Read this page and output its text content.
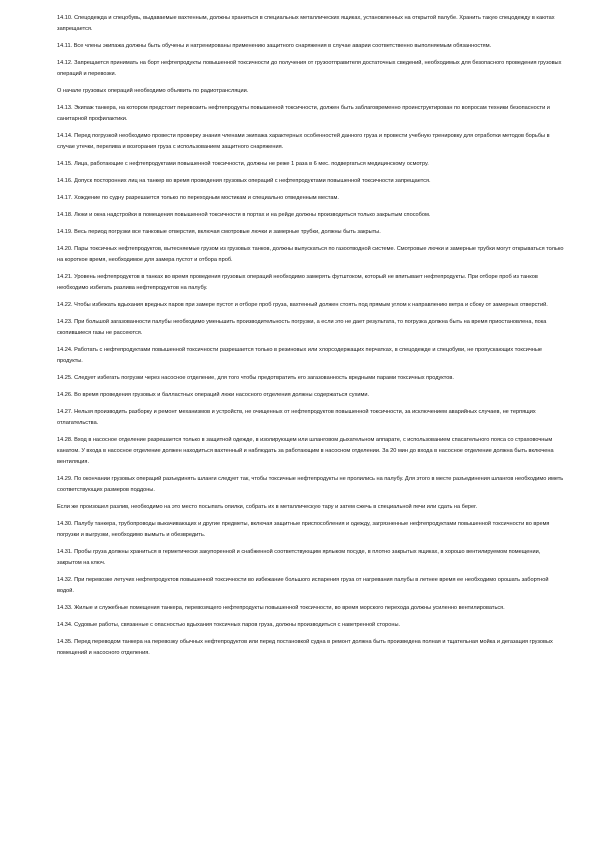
14.10. Спецодежда и спецобувь, выдаваемые вахтенным, должны храниться в специальных металлических ящиках, установленных на открытой палубе. Хранить такую спецодежду в каютах запрещается.

14.11. Все члены экипажа должны быть обучены и натренированы применению защитного снаряжения в случае аварии соответственно выполняемым обязанностям.

14.12. Запрещается принимать на борт нефтепродукты повышенной токсичности до получения от грузоотправителя достаточных сведений, необходимых для безопасного проведения грузовых операций и перевозки.

О начале грузовых операций необходимо объявить по радиотрансляции.

14.13. Экипаж танкера, на котором предстоит перевозить нефтепродукты повышенной токсичности, должен быть заблаговременно проинструктирован по вопросам техники безопасности и санитарной профилактики.

14.14. Перед погрузкой необходимо провести проверку знания членами экипажа характерных особенностей данного груза и провести учебную тренировку для отработки методов борьбы в случае утечки, перелива и возгорания груза с использованием защитного снаряжения.

14.15. Лица, работающие с нефтепродуктами повышенной токсичности, должны не реже 1 раза в 6 мес. подвергаться медицинскому осмотру.

14.16. Допуск посторонних лиц на танкер во время проведения грузовых операций с нефтепродуктами повышенной токсичности запрещается.

14.17. Хождение по судну разрешается только по переходным мостикам и специально отведенным местам.

14.18. Люки и окна надстройки в помещения повышенной токсичности в портах и на рейде должны производиться только закрытым способом.

14.19. Весь период погрузки все танковые отверстия, включая смотровые лючки и замерные трубки, должны быть закрыты.

14.20. Пары токсичных нефтепродуктов, вытесняемые грузом из грузовых танков, должны выпускаться по газоотводной системе. Смотровые лючки и замерные трубки могут открываться только на короткое время, необходимое для замера пустот и отбора проб.

14.21. Уровень нефтепродуктов в танках во время проведения грузовых операций необходимо замерять футштоком, который не впитывает нефтепродукты. При отборе проб из танков необходимо избегать разлива нефтепродуктов на палубу.

14.22. Чтобы избежать вдыхания вредных паров при замере пустот и отборе проб груза, вахтенный должен стоять под прямым углом к направлению ветра и сбоку от замерных отверстий.

14.23. При большой загазованности палубы необходимо уменьшить производительность погрузки, а если это не дает результата, то погрузка должна быть на время приостановлена, пока скопившиеся газы не рассеются.

14.24. Работать с нефтепродуктами повышенной токсичности разрешается только в резиновых или хлорсодержащих перчатках, в спецодежде и спецобуви, не пропускающих токсичные продукты.

14.25. Следует избегать погрузки через насосное отделение, для того чтобы предотвратить его загазованность вредными парами токсичных продуктов.

14.26. Во время проведения грузовых и балластных операций люки насосного отделения должны содержаться сухими.

14.27. Нельзя производить разборку и ремонт механизмов и устройств, не очищенных от нефтепродуктов повышенной токсичности, за исключением аварийных случаев, не терпящих отлагательства.

14.28. Вход в насосное отделение разрешается только в защитной одежде, в изолирующем или шланговом дыхательном аппарате, с использованием спасательного пояса со страховочным канатом. У входа в насосное отделение должен находиться вахтенный и наблюдать за работающим в насосном отделении. За 20 мин до входа в насосное отделение должна быть включена вентиляция.

14.29. По окончании грузовых операций разъединять шланги следует так, чтобы токсичные нефтепродукты не пролились на палубу. Для этого в месте разъединения шлангов необходимо иметь соответствующих размеров поддоны.

Если же произошел разлив, необходимо на это место посыпать опилки, собрать их в металлическую тару и затем сжечь в специальной печи или сдать на берег.

14.30. Палубу танкера, трубопроводы выкачивающих и другие предметы, включая защитные приспособления и одежду, загрязненные нефтепродуктами повышенной токсичности во время погрузки и выгрузки, необходимо вымыть и обезвредить.

14.31. Пробы груза должны храниться в герметически закупоренной и снабженной соответствующим ярлыком посуде, в плотно закрытых ящиках, в хорошо вентилируемом помещении, закрытом на ключ.

14.32. При перевозке летучих нефтепродуктов повышенной токсичности во избежание большого испарения груза от нагревания палубы в летнее время ее необходимо орошать забортной водой.

14.33. Жилые и служебные помещения танкера, перевозящего нефтепродукты повышенной токсичности, во время морского перехода должны усиленно вентилироваться.

14.34. Судовые работы, связанные с опасностью вдыхания токсичных паров груза, должны производиться с наветренной стороны.

14.35. Перед переводом танкера на перевозку обычных нефтепродуктов или перед постановкой судна в ремонт должна быть произведена полная и тщательная мойка и дегазация грузовых помещений и насосного отделения.
